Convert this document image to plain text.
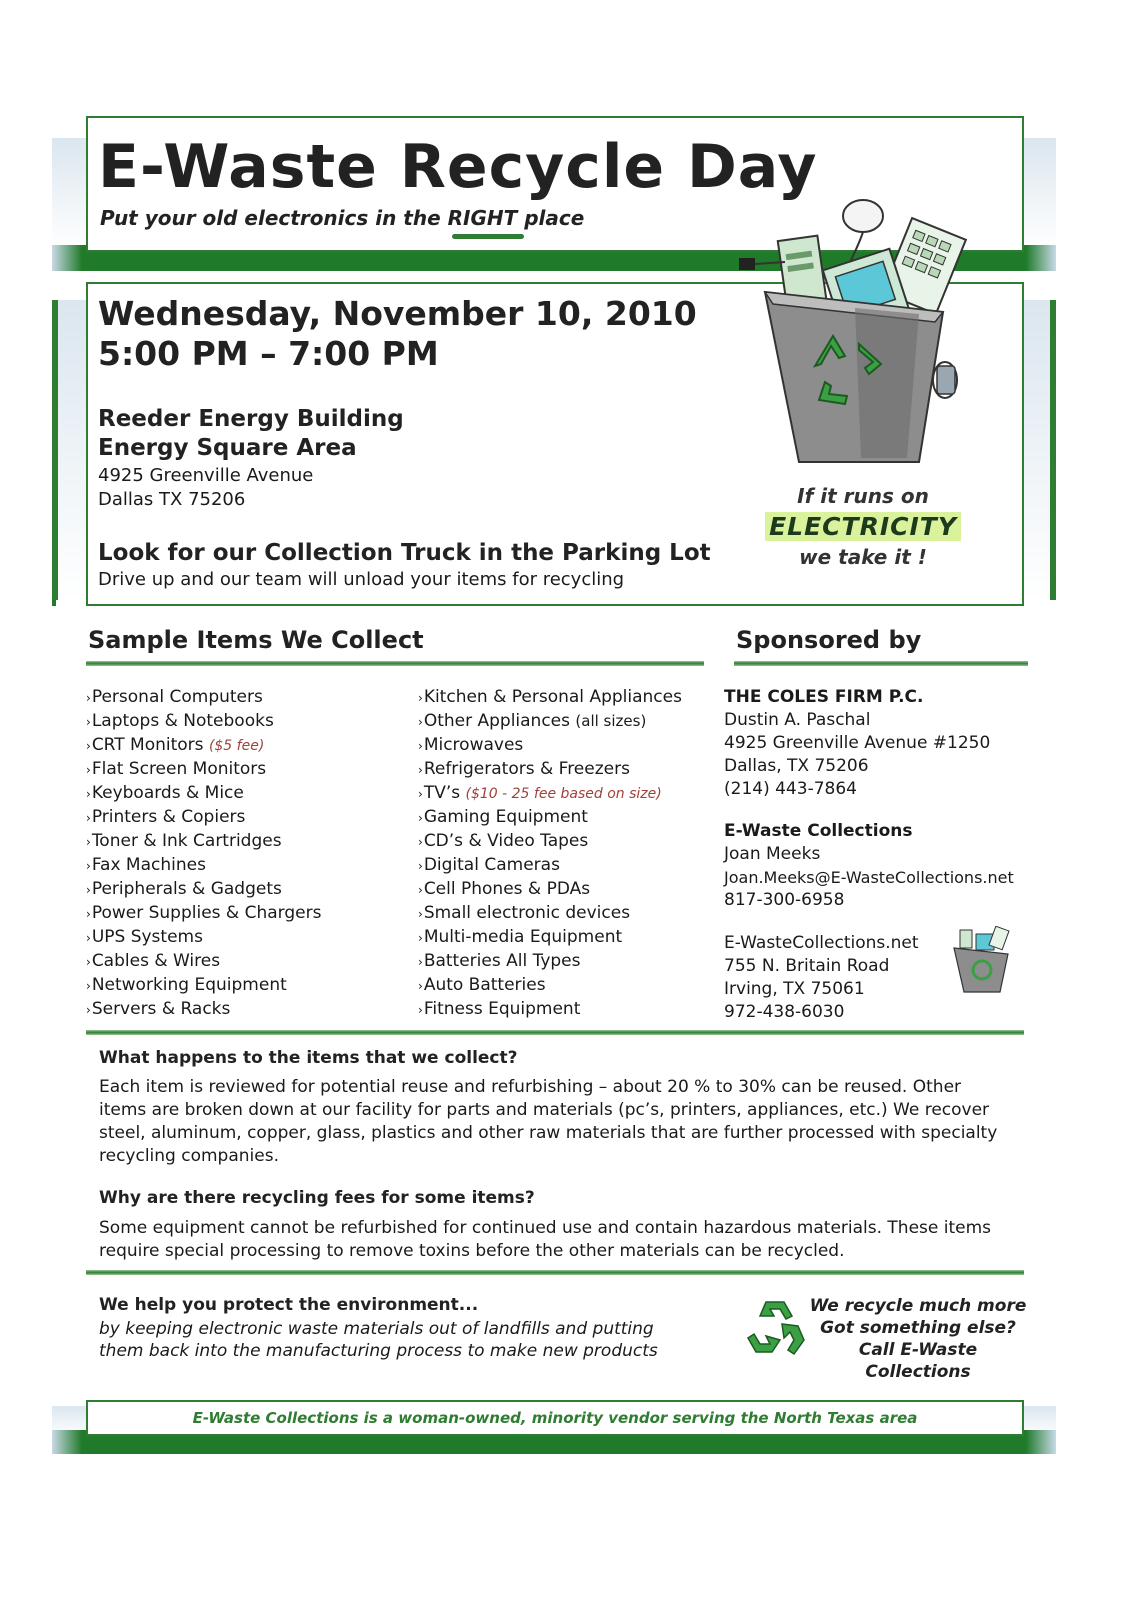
E-Waste Recycle Day
Put your old electronics in the RIGHT place
Wednesday, November 10, 2010
5:00 PM – 7:00 PM
Reeder Energy Building
Energy Square Area
4925 Greenville Avenue
Dallas TX 75206
Look for our Collection Truck in the Parking Lot
Drive up and our team will unload your items for recycling
If it runs on
ELECTRICITY
we take it !
Sample Items We Collect
› Personal Computers
› Laptops & Notebooks
› CRT Monitors ($5 fee)
› Flat Screen Monitors
› Keyboards & Mice
› Printers & Copiers
› Toner & Ink Cartridges
› Fax Machines
› Peripherals & Gadgets
› Power Supplies & Chargers
› UPS Systems
› Cables & Wires
› Networking Equipment
› Servers & Racks
› Kitchen & Personal Appliances
› Other Appliances (all sizes)
› Microwaves
› Refrigerators & Freezers
› TV’s ($10 - 25 fee based on size)
› Gaming Equipment
› CD’s & Video Tapes
› Digital Cameras
› Cell Phones & PDAs
› Small electronic devices
› Multi-media Equipment
› Batteries All Types
› Auto Batteries
› Fitness Equipment
Sponsored by
THE COLES FIRM P.C.
Dustin A. Paschal
4925 Greenville Avenue #1250
Dallas, TX 75206
(214) 443-7864
E-Waste Collections
Joan Meeks
Joan.Meeks@E-WasteCollections.net
817-300-6958
E-WasteCollections.net
755 N. Britain Road
Irving, TX 75061
972-438-6030
What happens to the items that we collect?
Each item is reviewed for potential reuse and refurbishing – about 20 % to 30% can be reused. Other items are broken down at our facility for parts and materials (pc’s, printers, appliances, etc.) We recover steel, aluminum, copper, glass, plastics and other raw materials that are further processed with specialty recycling companies.
Why are there recycling fees for some items?
Some equipment cannot be refurbished for continued use and contain hazardous materials. These items require special processing to remove toxins before the other materials can be recycled.
We help you protect the environment...
by keeping electronic waste materials out of landfills and putting
them back into the manufacturing process to make new products
We recycle much more
Got something else?
Call E-Waste Collections
E-Waste Collections is a woman-owned, minority vendor serving the North Texas area
